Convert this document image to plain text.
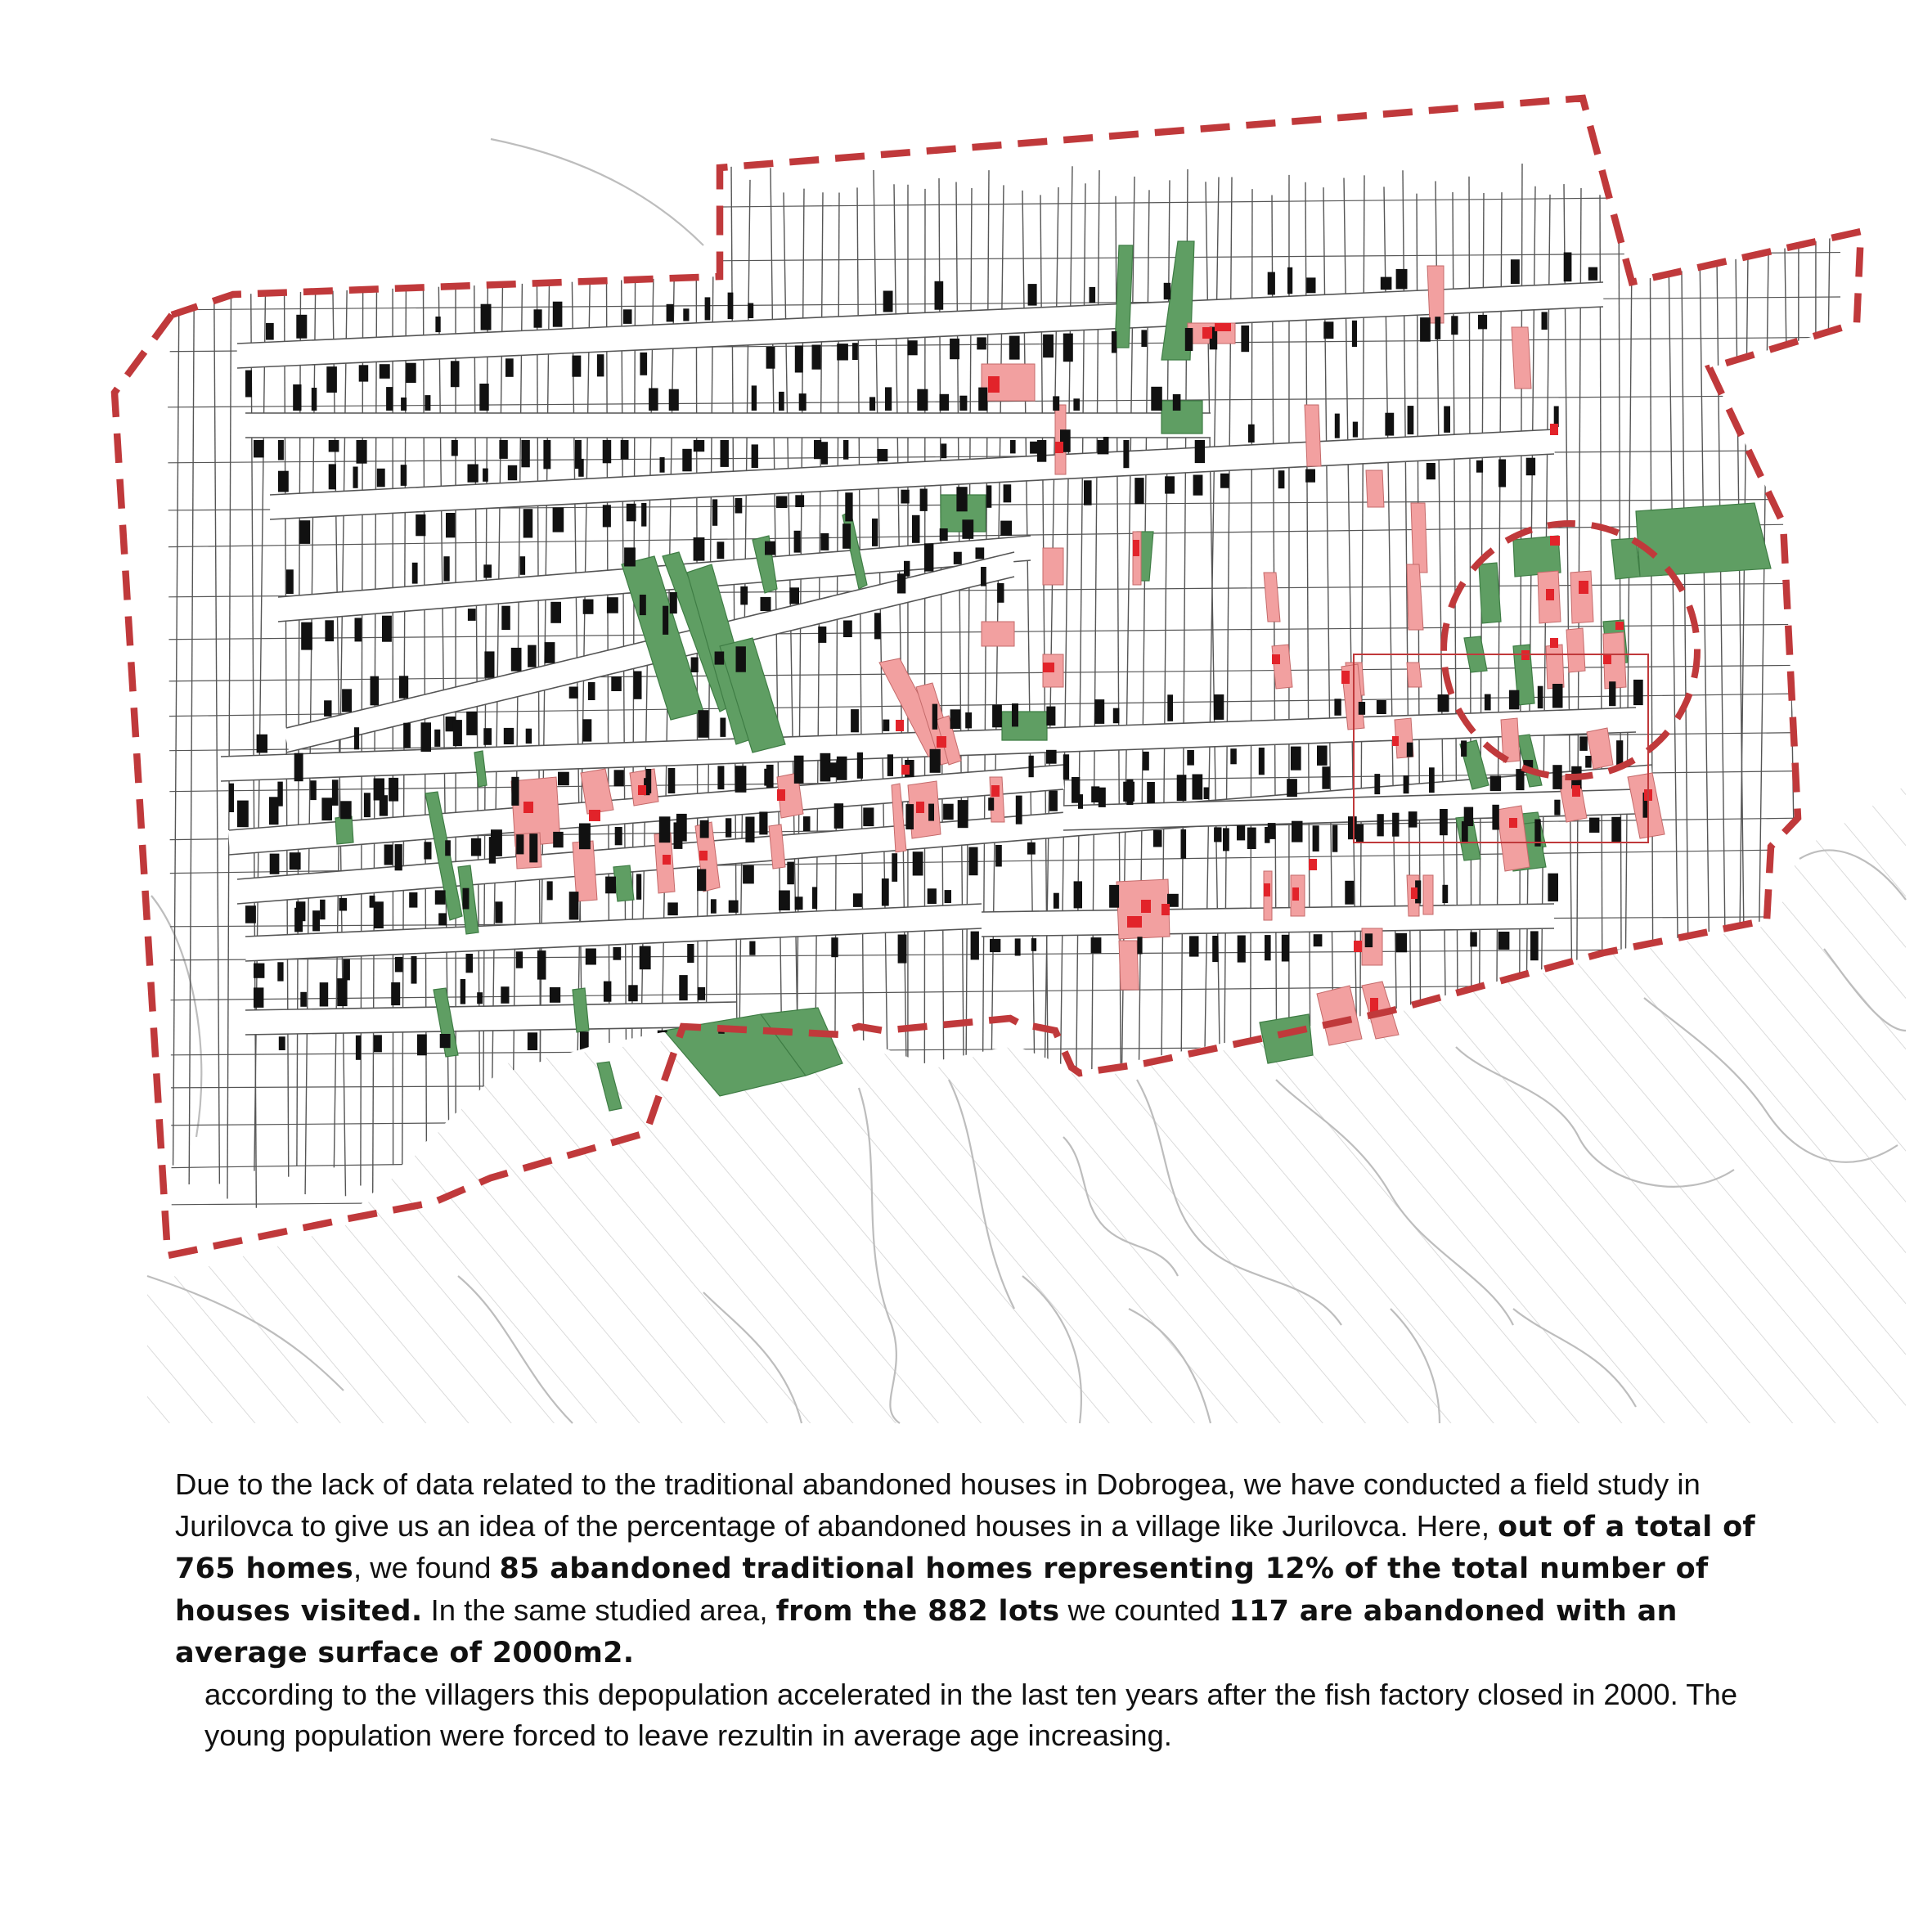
Due to the lack of data related to the traditional abandoned houses in Dobrogea, we have conducted a field study in Jurilovca to give us an idea of the percentage of abandoned houses in a village like Jurilovca. Here, out of a total of 765 homes, we found 85 abandoned traditional homes representing 12% of the total number of houses visited. In the same studied area, from the 882 lots we counted 117 are abandoned with an average surface of 2000m2.

according to the villagers this depopulation accelerated in the last ten years after the fish factory closed in 2000. The young population were forced to leave rezultin in average age increasing.
